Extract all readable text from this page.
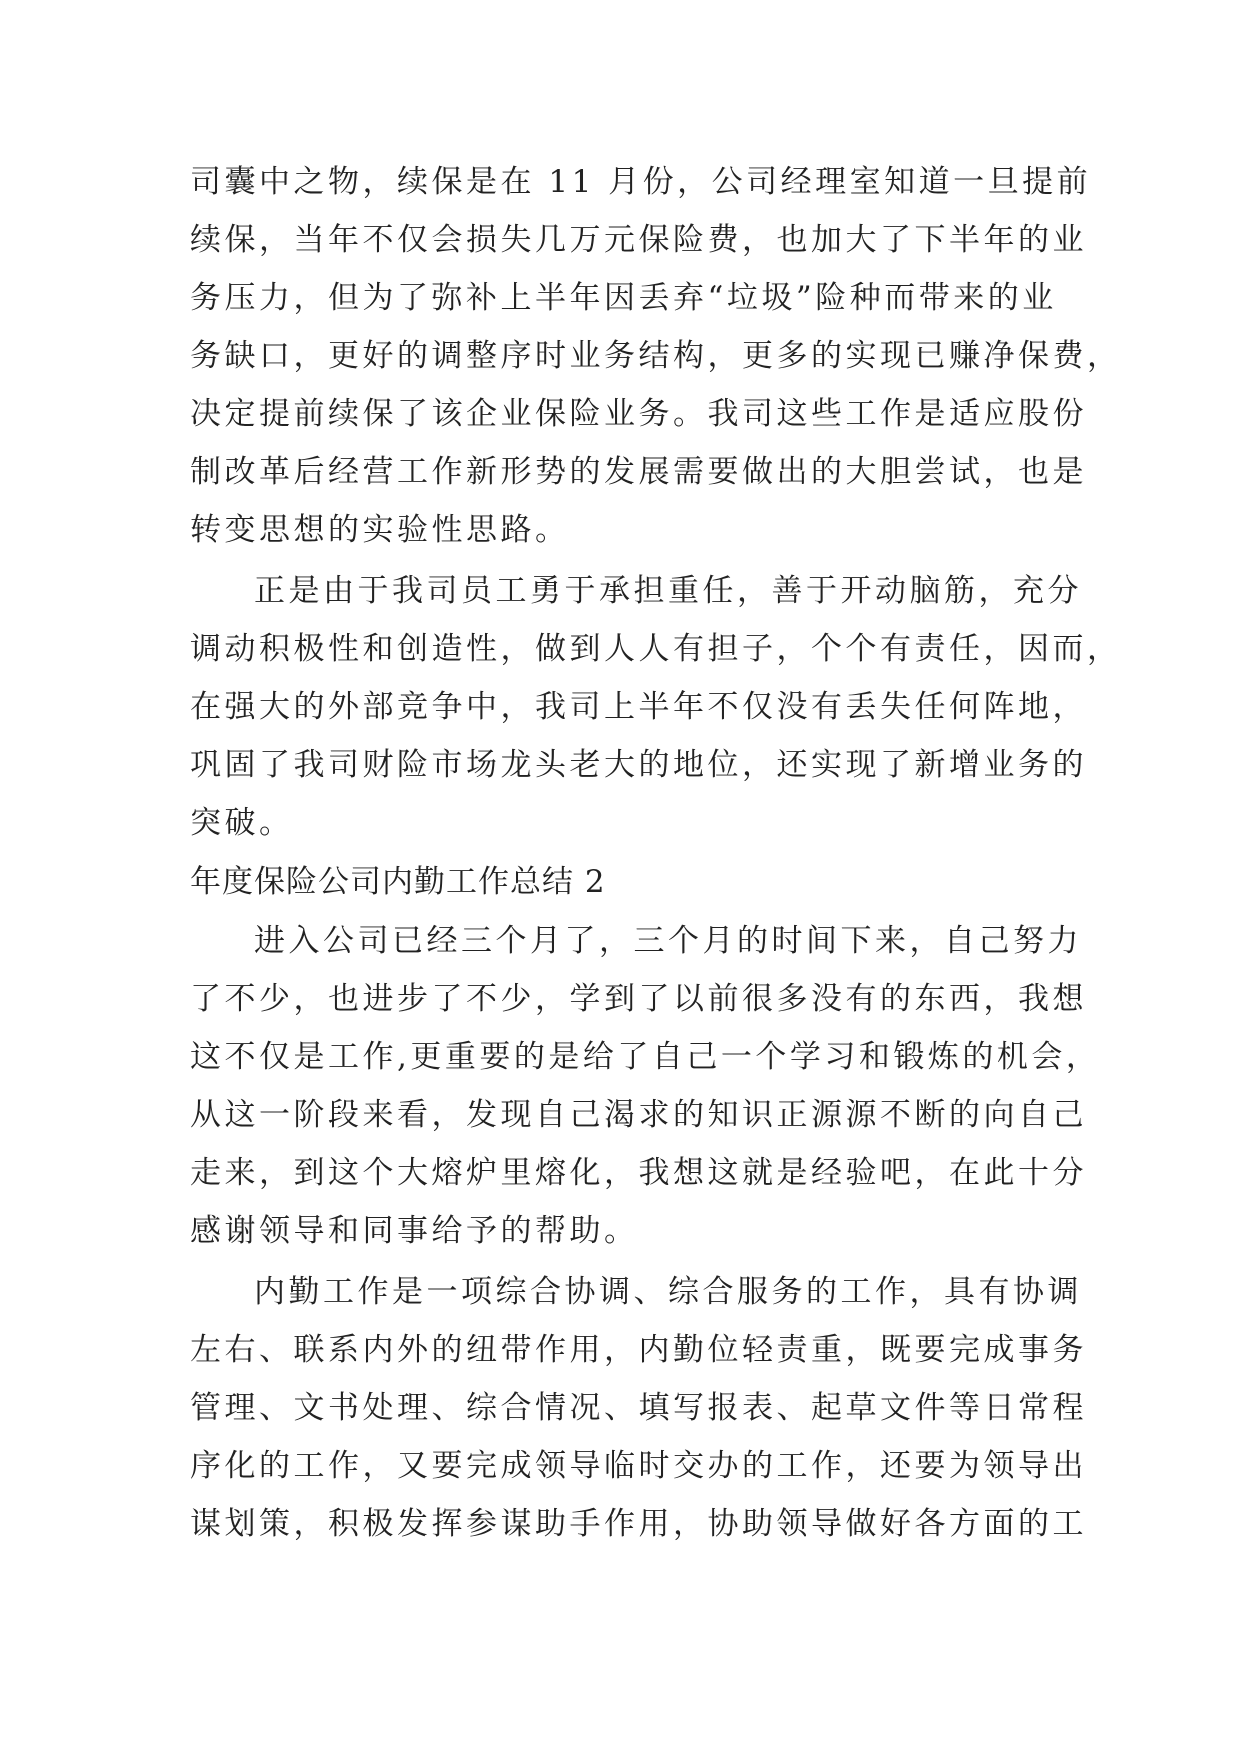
司囊中之物，续保是在 11 月份，公司经理室知道一旦提前
续保，当年不仅会损失几万元保险费，也加大了下半年的业
务压力，但为了弥补上半年因丢弃“垃圾”险种而带来的业
务缺口，更好的调整序时业务结构，更多的实现已赚净保费，
决定提前续保了该企业保险业务。我司这些工作是适应股份
制改革后经营工作新形势的发展需要做出的大胆尝试，也是
转变思想的实验性思路。
正是由于我司员工勇于承担重任，善于开动脑筋，充分
调动积极性和创造性，做到人人有担子，个个有责任，因而，
在强大的外部竞争中，我司上半年不仅没有丢失任何阵地，
巩固了我司财险市场龙头老大的地位，还实现了新增业务的
突破。
年度保险公司内勤工作总结 2
进入公司已经三个月了，三个月的时间下来，自己努力
了不少，也进步了不少，学到了以前很多没有的东西，我想
这不仅是工作,更重要的是给了自己一个学习和锻炼的机会，
从这一阶段来看，发现自己渴求的知识正源源不断的向自己
走来，到这个大熔炉里熔化，我想这就是经验吧，在此十分
感谢领导和同事给予的帮助。
内勤工作是一项综合协调、综合服务的工作，具有协调
左右、联系内外的纽带作用，内勤位轻责重，既要完成事务
管理、文书处理、综合情况、填写报表、起草文件等日常程
序化的工作，又要完成领导临时交办的工作，还要为领导出
谋划策，积极发挥参谋助手作用，协助领导做好各方面的工
